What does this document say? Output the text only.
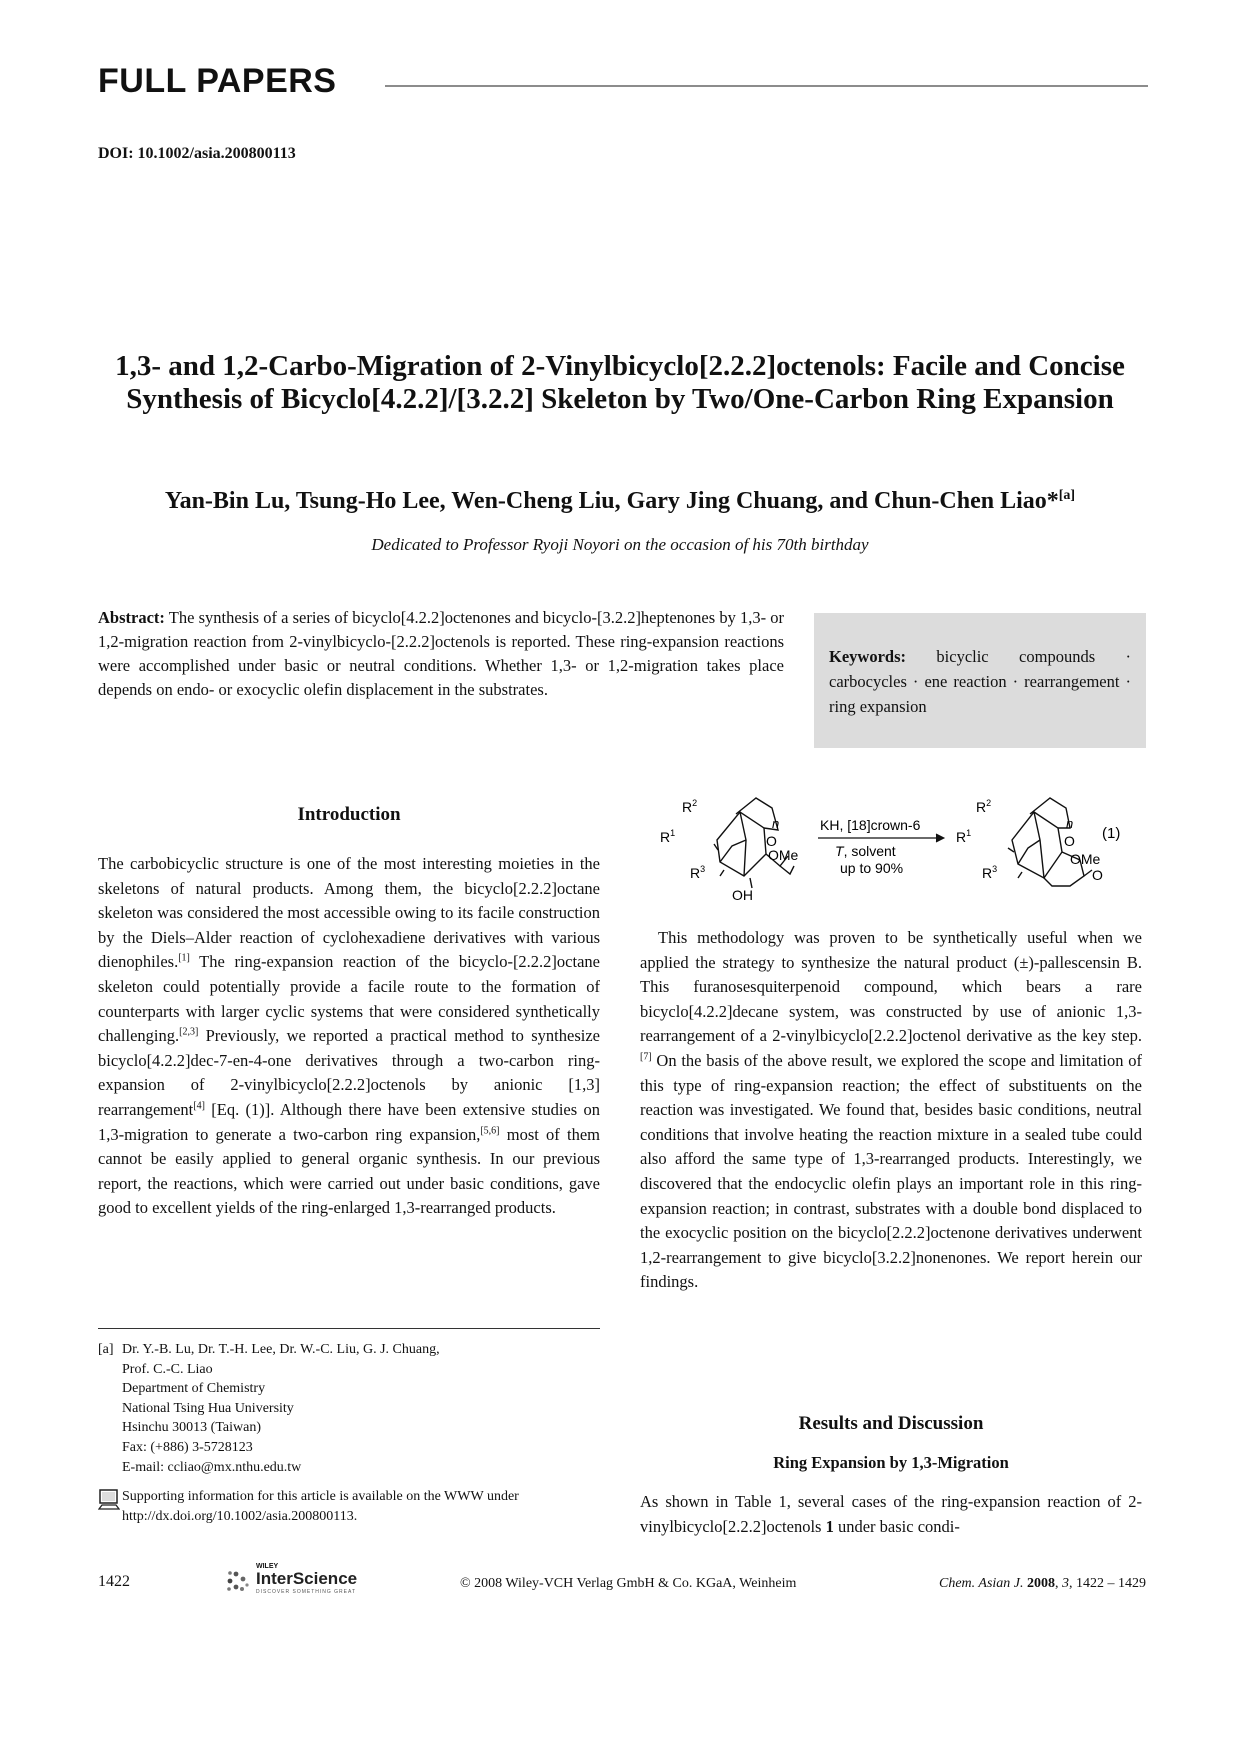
FULL PAPERS
DOI: 10.1002/asia.200800113
1,3- and 1,2-Carbo-Migration of 2-Vinylbicyclo[2.2.2]octenols: Facile and Concise Synthesis of Bicyclo[4.2.2]/[3.2.2] Skeleton by Two/One-Carbon Ring Expansion
Yan-Bin Lu, Tsung-Ho Lee, Wen-Cheng Liu, Gary Jing Chuang, and Chun-Chen Liao*[a]
Dedicated to Professor Ryoji Noyori on the occasion of his 70th birthday
Abstract: The synthesis of a series of bicyclo[4.2.2]octenones and bicyclo-[3.2.2]heptenones by 1,3- or 1,2-migration reaction from 2-vinylbicyclo-[2.2.2]octenols is reported. These ring-expansion reactions were accomplished under basic or neutral conditions. Whether 1,3- or 1,2-migration takes place depends on endo- or exocyclic olefin displacement in the substrates.
Keywords: bicyclic compounds · carbocycles · ene reaction · rearrangement · ring expansion
Introduction
The carbobicyclic structure is one of the most interesting moieties in the skeletons of natural products. Among them, the bicyclo[2.2.2]octane skeleton was considered the most accessible owing to its facile construction by the Diels–Alder reaction of cyclohexadiene derivatives with various dienophiles.[1] The ring-expansion reaction of the bicyclo-[2.2.2]octane skeleton could potentially provide a facile route to the formation of counterparts with larger cyclic systems that were considered synthetically challenging.[2,3] Previously, we reported a practical method to synthesize bicyclo[4.2.2]dec-7-en-4-one derivatives through a two-carbon ring-expansion of 2-vinylbicyclo[2.2.2]octenols by anionic [1,3] rearrangement[4] [Eq. (1)]. Although there have been extensive studies on 1,3-migration to generate a two-carbon ring expansion,[5,6] most of them cannot be easily applied to general organic synthesis. In our previous report, the reactions, which were carried out under basic conditions, gave good to excellent yields of the ring-enlarged 1,3-rearranged products.
[a] Dr. Y.-B. Lu, Dr. T.-H. Lee, Dr. W.-C. Liu, G. J. Chuang,
Prof. C.-C. Liao
Department of Chemistry
National Tsing Hua University
Hsinchu 30013 (Taiwan)
Fax: (+886) 3-5728123
E-mail: ccliao@mx.nthu.edu.tw
Supporting information for this article is available on the WWW under http://dx.doi.org/10.1002/asia.200800113.
$R^2$
$R^1$
$R^3$
n
O
OMe
OH
KH, [18]crown-6
T, solvent
up to 90%
$R^2$
$R^1$
$R^3$
n
O
OMe
O
(1)
This methodology was proven to be synthetically useful when we applied the strategy to synthesize the natural product (±)-pallescensin B. This furanosesquiterpenoid compound, which bears a rare bicyclo[4.2.2]decane system, was constructed by use of anionic 1,3-rearrangement of a 2-vinylbicyclo[2.2.2]octenol derivative as the key step.[7] On the basis of the above result, we explored the scope and limitation of this type of ring-expansion reaction; the effect of substituents on the reaction was investigated. We found that, besides basic conditions, neutral conditions that involve heating the reaction mixture in a sealed tube could also afford the same type of 1,3-rearranged products. Interestingly, we discovered that the endocyclic olefin plays an important role in this ring-expansion reaction; in contrast, substrates with a double bond displaced to the exocyclic position on the bicyclo[2.2.2]octenone derivatives underwent 1,2-rearrangement to give bicyclo[3.2.2]nonenones. We report herein our findings.
Results and Discussion
Ring Expansion by 1,3-Migration
As shown in Table 1, several cases of the ring-expansion reaction of 2-vinylbicyclo[2.2.2]octenols 1 under basic condi-
1422
WILEY
InterScience
DISCOVER SOMETHING GREAT
© 2008 Wiley-VCH Verlag GmbH & Co. KGaA, Weinheim	Chem. Asian J. 2008, 3, 1422 – 1429
